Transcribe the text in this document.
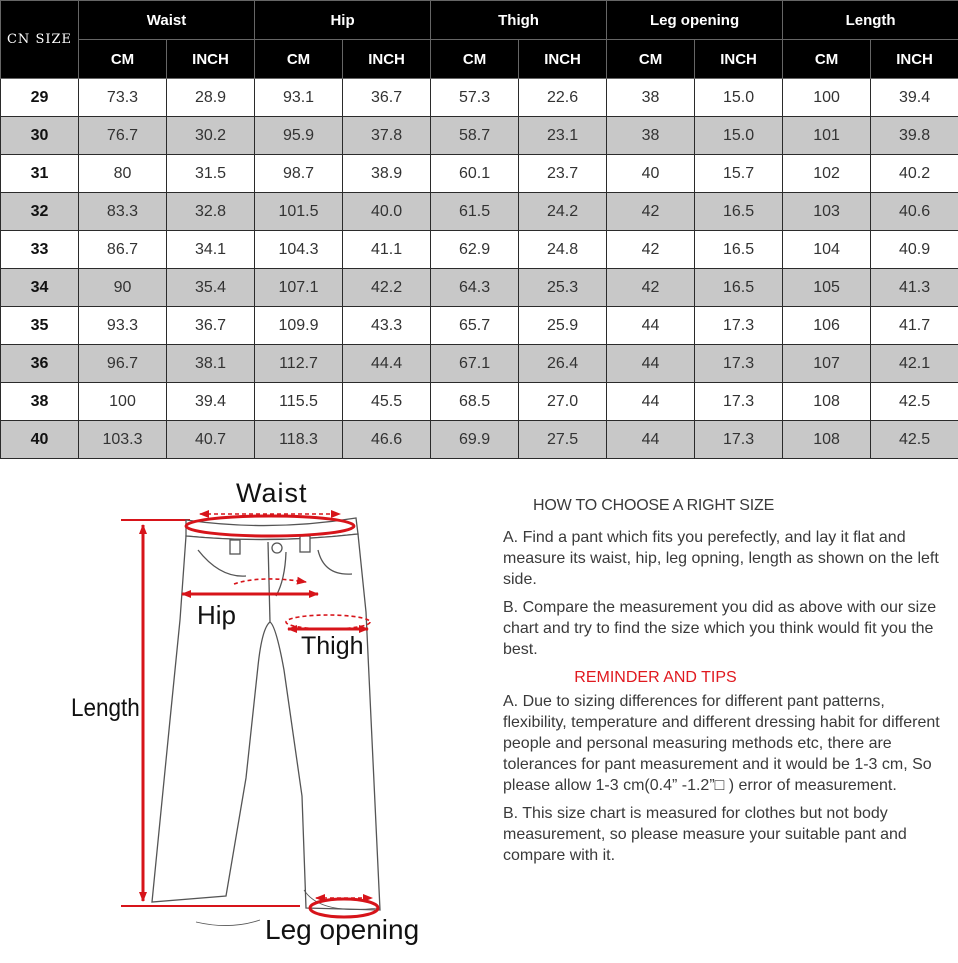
CN SIZE	Waist		Hip		Thigh		Leg opening		Length	
	CM	INCH	CM	INCH	CM	INCH	CM	INCH	CM	INCH
29	73.3	28.9	93.1	36.7	57.3	22.6	38	15.0	100	39.4
30	76.7	30.2	95.9	37.8	58.7	23.1	38	15.0	101	39.8
31	80	31.5	98.7	38.9	60.1	23.7	40	15.7	102	40.2
32	83.3	32.8	101.5	40.0	61.5	24.2	42	16.5	103	40.6
33	86.7	34.1	104.3	41.1	62.9	24.8	42	16.5	104	40.9
34	90	35.4	107.1	42.2	64.3	25.3	42	16.5	105	41.3
35	93.3	36.7	109.9	43.3	65.7	25.9	44	17.3	106	41.7
36	96.7	38.1	112.7	44.4	67.1	26.4	44	17.3	107	42.1
38	100	39.4	115.5	45.5	68.5	27.0	44	17.3	108	42.5
40	103.3	40.7	118.3	46.6	69.9	27.5	44	17.3	108	42.5
Waist
Hip
Thigh
Length
Leg opening

HOW TO CHOOSE A RIGHT SIZE

A. Find a pant which fits you perefectly, and lay it flat and measure its waist, hip, leg opning, length as shown on the left side.

B. Compare the measurement you did as above with our size chart and try to find the size which you think would fit you the best.

REMINDER AND TIPS

A. Due to sizing differences for different pant patterns, flexibility, temperature and different dressing habit for different people and personal measuring methods etc, there are tolerances for pant measurement and it would be 1-3 cm, So please allow 1-3 cm(0.4” -1.2”□ ) error of measurement.

B. This size chart is measured for clothes but not body measurement, so please measure your suitable pant and compare with it.
